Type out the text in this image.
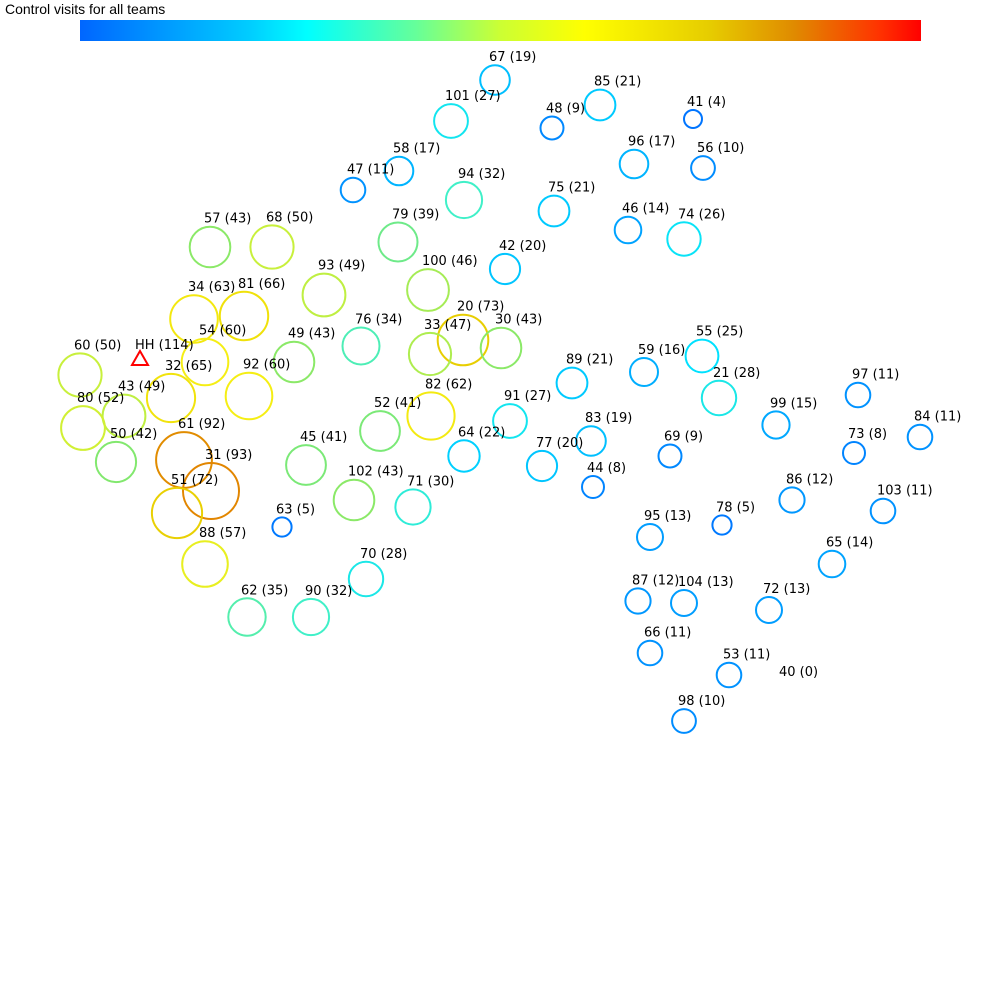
Control visits for all teams
67 (19)
85 (21)
101 (27)
48 (9)	41 (4)
58 (17)	96 (17) 56 (10)
47 (11)	94 (32)
75 (21)
46 (14) 74 (26)
57 (43) 68 (50)	79 (39)
42 (20)
93 (49)	100 (46)
34 (63) 81 (66)
20 (73)
76 (34) 33 (47) 30 (43)
55 (25)
54 (60)	49 (43)
60 (50)
89 (21)
59 (16)
32 (65) 92 (60)
21 (28)	97 (11)
43 (49)	82 (62)
91 (27)
80 (52)	52 (41)	99 (15)
84 (11)
83 (19)
64 (22)
61 (92)
50 (42)	45 (41)	77 (20)	69 (9)	73 (8)
31 (93)
44 (8)
102 (43)
71 (30)	86 (12)
103 (11)
51 (72)
63 (5)	78 (5)
95 (13)
88 (57)
65 (14)
70 (28)
87 (12)
104 (13) 72 (13)
62 (35) 90 (32)
66 (11)
53 (11)
40 (0)
98 (10)
HH (114)
